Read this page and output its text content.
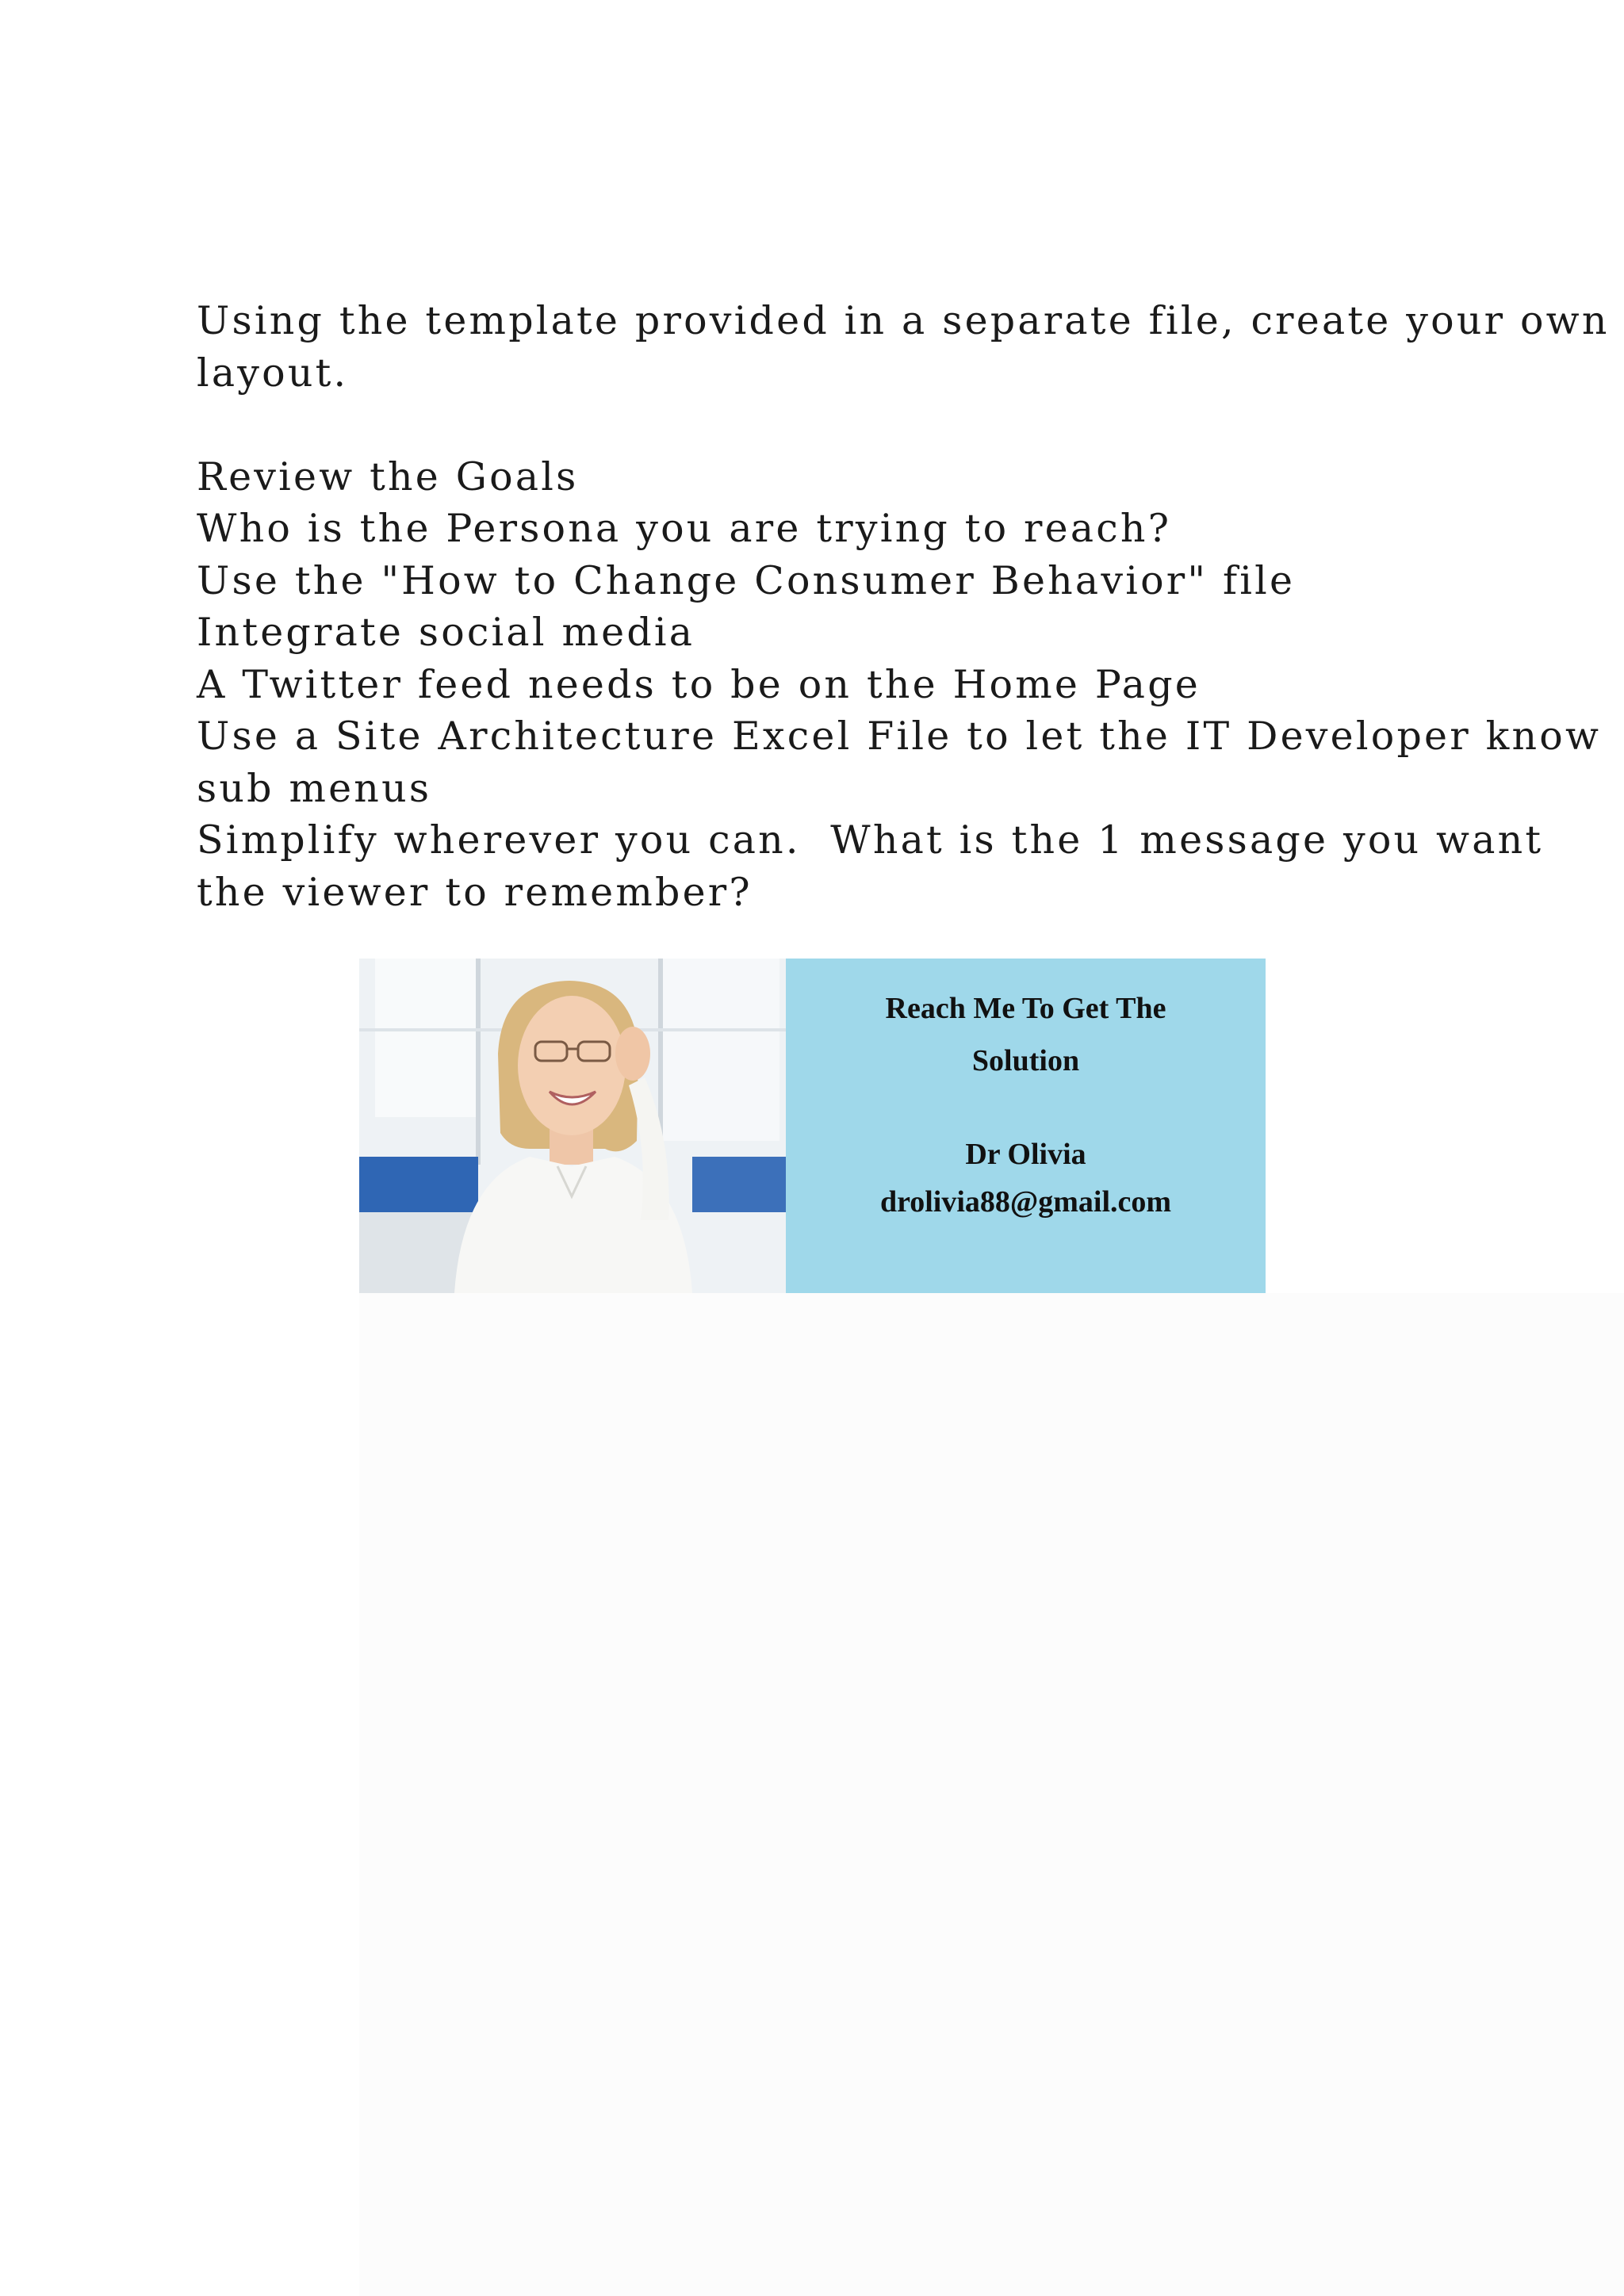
Using the template provided in a separate file, create your own
layout.
Review the Goals
Who is the Persona you are trying to reach?
Use the "How to Change Consumer Behavior" file
Integrate social media
A Twitter feed needs to be on the Home Page
Use a Site Architecture Excel File to let the IT Developer know
sub menus
Simplify wherever you can.  What is the 1 message you want
the viewer to remember?
Reach Me To Get The
Solution
Dr Olivia
drolivia88@gmail.com
